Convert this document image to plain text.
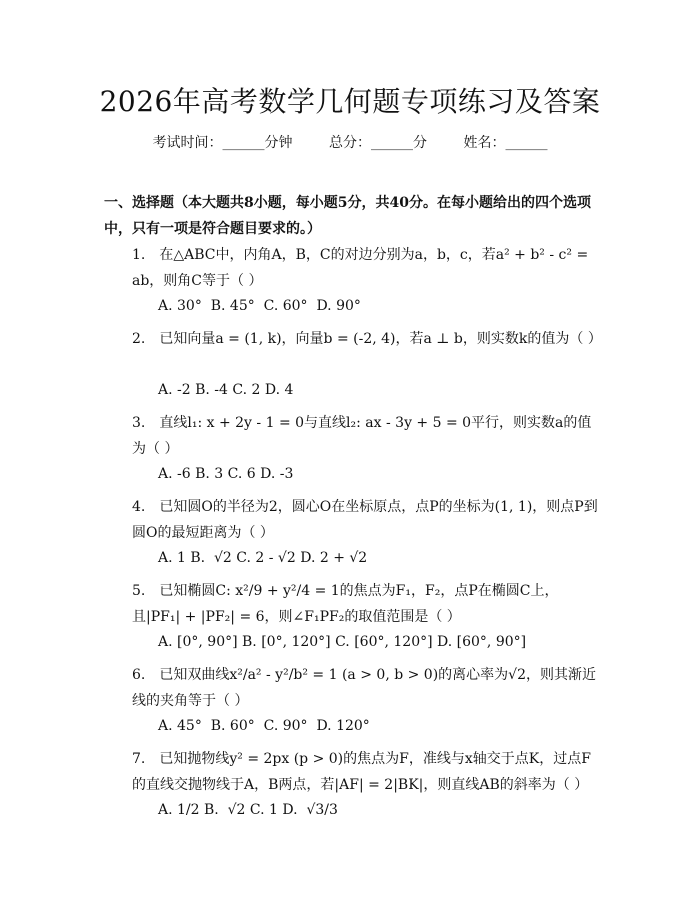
2026年高考数学几何题专项练习及答案
考试时间：______分钟	总分：______分	姓名：______
一、选择题（本大题共8小题，每小题5分，共40分。在每小题给出的四个选项中，只有一项是符合题目要求的。）
1.　在△ABC中，内角A，B，C的对边分别为a，b，c，若a² + b² - c² = ab，则角C等于（ ）
A. 30°  B. 45°  C. 60°  D. 90°
2.　已知向量a = (1, k)，向量b = (-2, 4)，若a ⊥ b，则实数k的值为（ ）
A. -2 B. -4 C. 2 D. 4
3.　直线l₁: x + 2y - 1 = 0与直线l₂: ax - 3y + 5 = 0平行，则实数a的值为（ ）
A. -6 B. 3 C. 6 D. -3
4.　已知圆O的半径为2，圆心O在坐标原点，点P的坐标为(1, 1)，则点P到圆O的最短距离为（ ）
A. 1 B.  √2 C. 2 - √2 D. 2 + √2
5.　已知椭圆C: x²/9 + y²/4 = 1的焦点为F₁，F₂，点P在椭圆C上，且|PF₁| + |PF₂| = 6，则∠F₁PF₂的取值范围是（ ）
A. [0°, 90°] B. [0°, 120°] C. [60°, 120°] D. [60°, 90°]
6.　已知双曲线x²/a² - y²/b² = 1 (a > 0, b > 0)的离心率为√2，则其渐近线的夹角等于（ ）
A. 45°  B. 60°  C. 90°  D. 120°
7.　已知抛物线y² = 2px (p > 0)的焦点为F，准线与x轴交于点K，过点F的直线交抛物线于A，B两点，若|AF| = 2|BK|，则直线AB的斜率为（ ）
A. 1/2 B.  √2 C. 1 D.  √3/3
